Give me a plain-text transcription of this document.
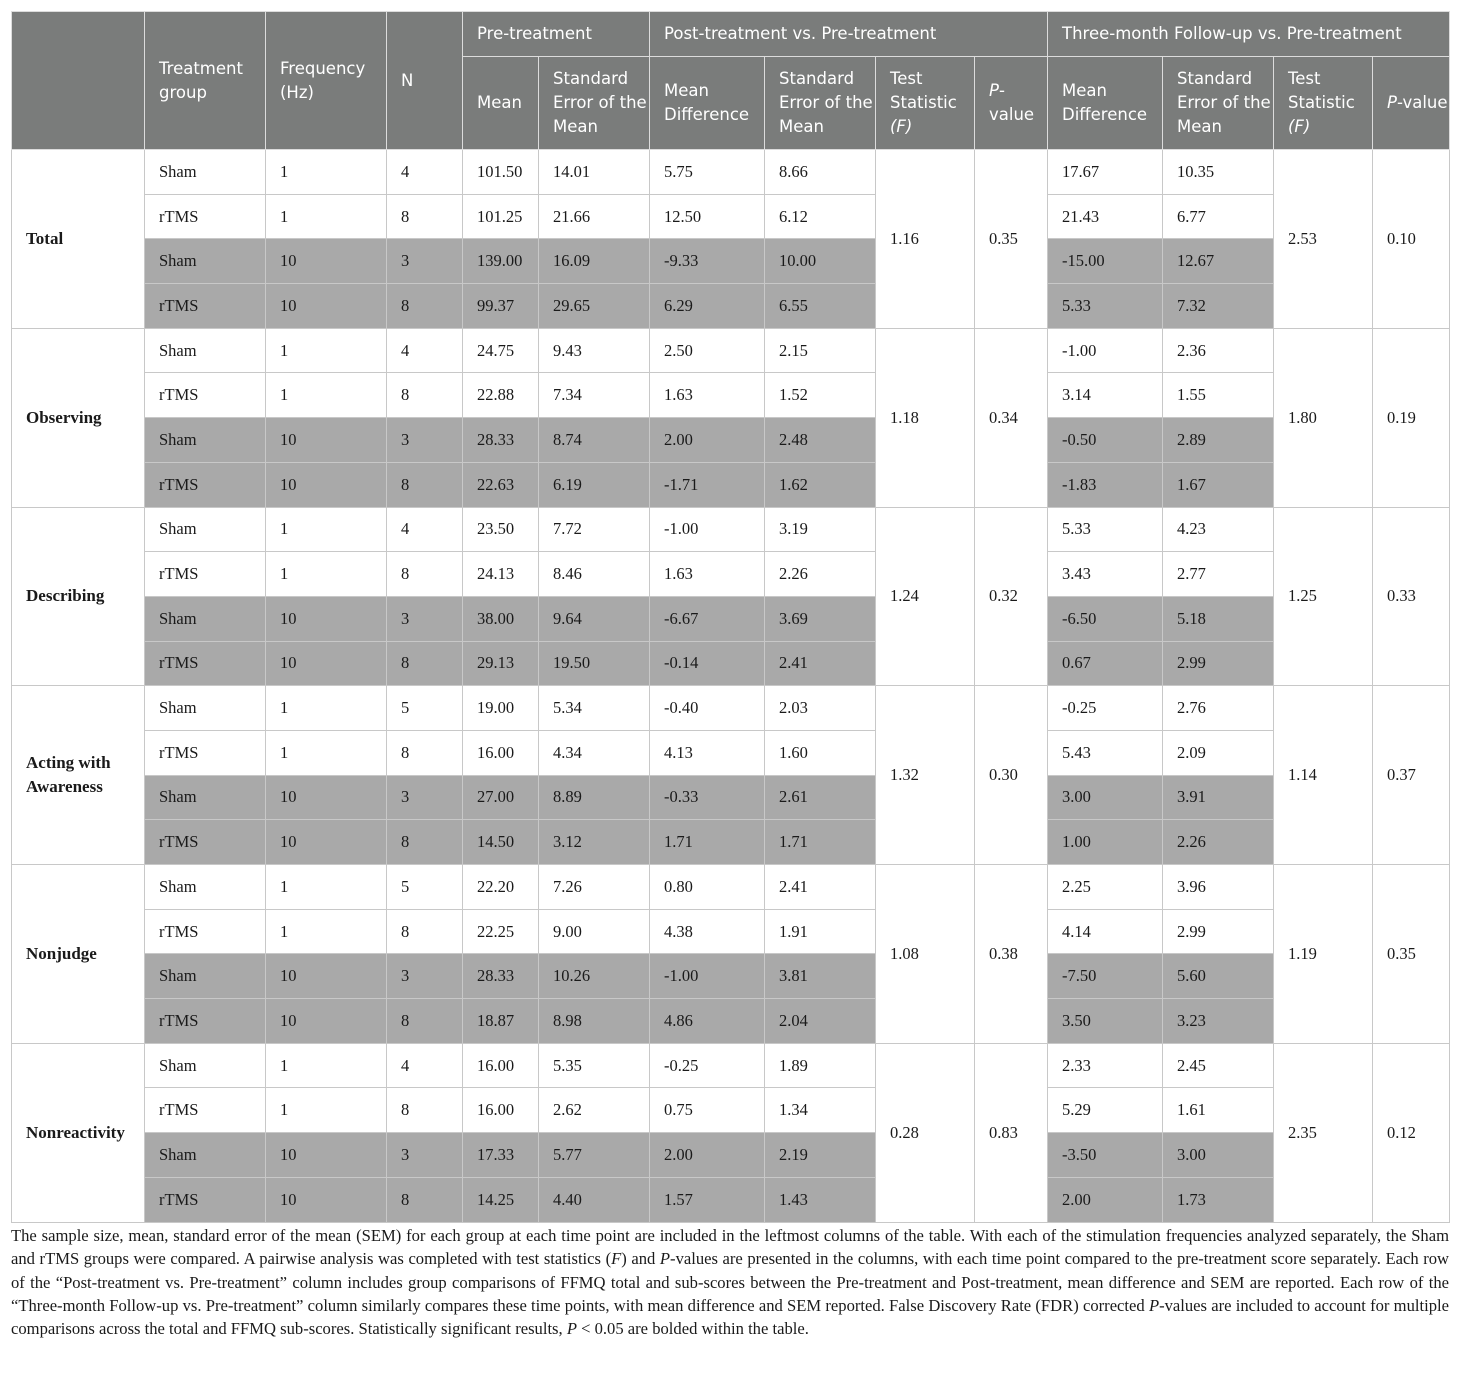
	Treatment group	Frequency (Hz)	N	Pre-treatment		Post-treatment vs. Pre-treatment				Three-month Follow-up vs. Pre-treatment			
				Mean	Standard Error of the Mean	Mean Difference	Standard Error of the Mean	Test Statistic (F)	P-value	Mean Difference	Standard Error of the Mean	Test Statistic (F)	P-value
Total	Sham	1	4	101.50	14.01	5.75	8.66	1.16	0.35	17.67	10.35	2.53	0.10
	rTMS	1	8	101.25	21.66	12.50	6.12			21.43	6.77		
	Sham	10	3	139.00	16.09	-9.33	10.00			-15.00	12.67		
	rTMS	10	8	99.37	29.65	6.29	6.55			5.33	7.32		
Observing	Sham	1	4	24.75	9.43	2.50	2.15	1.18	0.34	-1.00	2.36	1.80	0.19
	rTMS	1	8	22.88	7.34	1.63	1.52			3.14	1.55		
	Sham	10	3	28.33	8.74	2.00	2.48			-0.50	2.89		
	rTMS	10	8	22.63	6.19	-1.71	1.62			-1.83	1.67		
Describing	Sham	1	4	23.50	7.72	-1.00	3.19	1.24	0.32	5.33	4.23	1.25	0.33
	rTMS	1	8	24.13	8.46	1.63	2.26			3.43	2.77		
	Sham	10	3	38.00	9.64	-6.67	3.69			-6.50	5.18		
	rTMS	10	8	29.13	19.50	-0.14	2.41			0.67	2.99		
Acting with Awareness	Sham	1	5	19.00	5.34	-0.40	2.03	1.32	0.30	-0.25	2.76	1.14	0.37
	rTMS	1	8	16.00	4.34	4.13	1.60			5.43	2.09		
	Sham	10	3	27.00	8.89	-0.33	2.61			3.00	3.91		
	rTMS	10	8	14.50	3.12	1.71	1.71			1.00	2.26		
Nonjudge	Sham	1	5	22.20	7.26	0.80	2.41	1.08	0.38	2.25	3.96	1.19	0.35
	rTMS	1	8	22.25	9.00	4.38	1.91			4.14	2.99		
	Sham	10	3	28.33	10.26	-1.00	3.81			-7.50	5.60		
	rTMS	10	8	18.87	8.98	4.86	2.04			3.50	3.23		
Nonreactivity	Sham	1	4	16.00	5.35	-0.25	1.89	0.28	0.83	2.33	2.45	2.35	0.12
	rTMS	1	8	16.00	2.62	0.75	1.34			5.29	1.61		
	Sham	10	3	17.33	5.77	2.00	2.19			-3.50	3.00		
	rTMS	10	8	14.25	4.40	1.57	1.43			2.00	1.73		
The sample size, mean, standard error of the mean (SEM) for each group at each time point are included in the leftmost columns of the table. With each of the stimulation frequencies analyzed separately, the Sham and rTMS groups were compared. A pairwise analysis was completed with test statistics (F) and P-values are presented in the columns, with each time point compared to the pre-treatment score separately. Each row of the “Post-treatment vs. Pre-treatment” column includes group comparisons of FFMQ total and sub-scores between the Pre-treatment and Post-treatment, mean difference and SEM are reported. Each row of the “Three-month Follow-up vs. Pre-treatment” column similarly compares these time points, with mean difference and SEM reported. False Discovery Rate (FDR) corrected P-values are included to account for multiple comparisons across the total and FFMQ sub-scores. Statistically significant results, P < 0.05 are bolded within the table.
